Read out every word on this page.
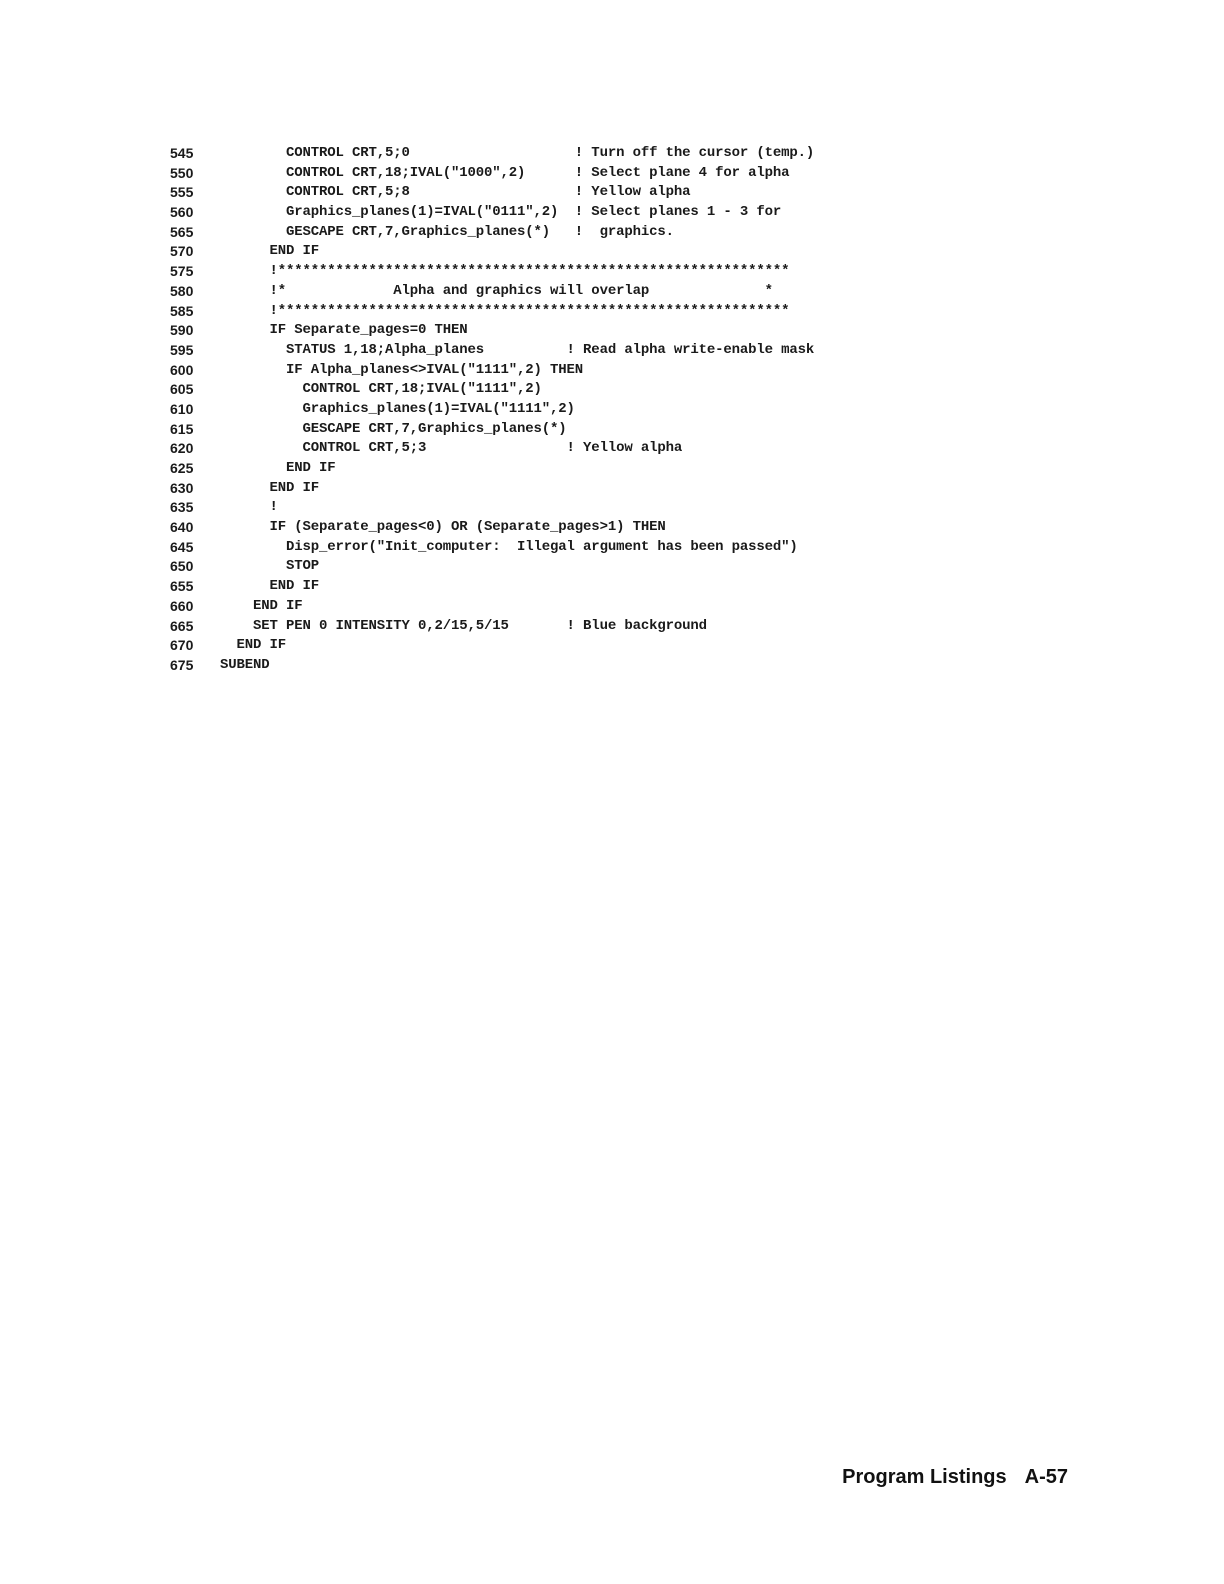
545 CONTROL CRT,5;0                    ! Turn off the cursor (temp.)
550 CONTROL CRT,18;IVAL("1000",2)      ! Select plane 4 for alpha
555 CONTROL CRT,5;8                    ! Yellow alpha
560 Graphics_planes(1)=IVAL("0111",2)  ! Select planes 1 - 3 for
565 GESCAPE CRT,7,Graphics_planes(*)   !  graphics.
570 END IF
575 !**************************************************************
580 !*             Alpha and graphics will overlap              *
585 !**************************************************************
590 IF Separate_pages=0 THEN
595 STATUS 1,18;Alpha_planes          ! Read alpha write-enable mask
600 IF Alpha_planes<>IVAL("1111",2) THEN
605 CONTROL CRT,18;IVAL("1111",2)
610 Graphics_planes(1)=IVAL("1111",2)
615 GESCAPE CRT,7,Graphics_planes(*)
620 CONTROL CRT,5;3                 ! Yellow alpha
625 END IF
630 END IF
635 !
640 IF (Separate_pages<0) OR (Separate_pages>1) THEN
645 Disp_error("Init_computer:  Illegal argument has been passed")
650 STOP
655 END IF
660 END IF
665 SET PEN 0 INTENSITY 0,2/15,5/15       ! Blue background
670 END IF
675 SUBEND
Program Listings A-57
